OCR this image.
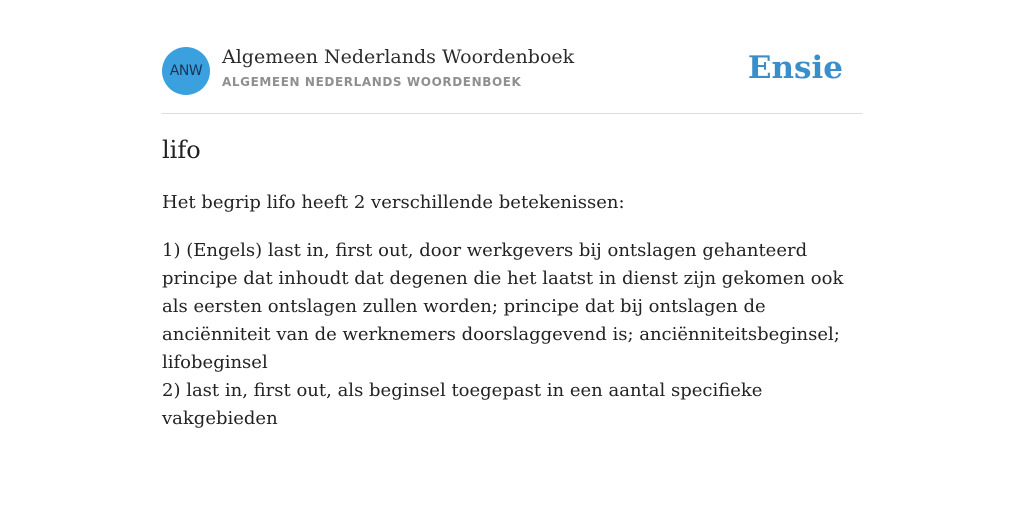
ANW
Algemeen Nederlands Woordenboek
ALGEMEEN NEDERLANDS WOORDENBOEK	Ensie
lifo

Het begrip lifo heeft 2 verschillende betekenissen:

1) (Engels) last in, first out, door werkgevers bij ontslagen gehanteerd principe dat inhoudt dat degenen die het laatst in dienst zijn gekomen ook als eersten ontslagen zullen worden; principe dat bij ontslagen de anciënniteit van de werknemers doorslaggevend is; anciënniteitsbeginsel; lifobeginsel
2) last in, first out, als beginsel toegepast in een aantal specifieke vakgebieden
